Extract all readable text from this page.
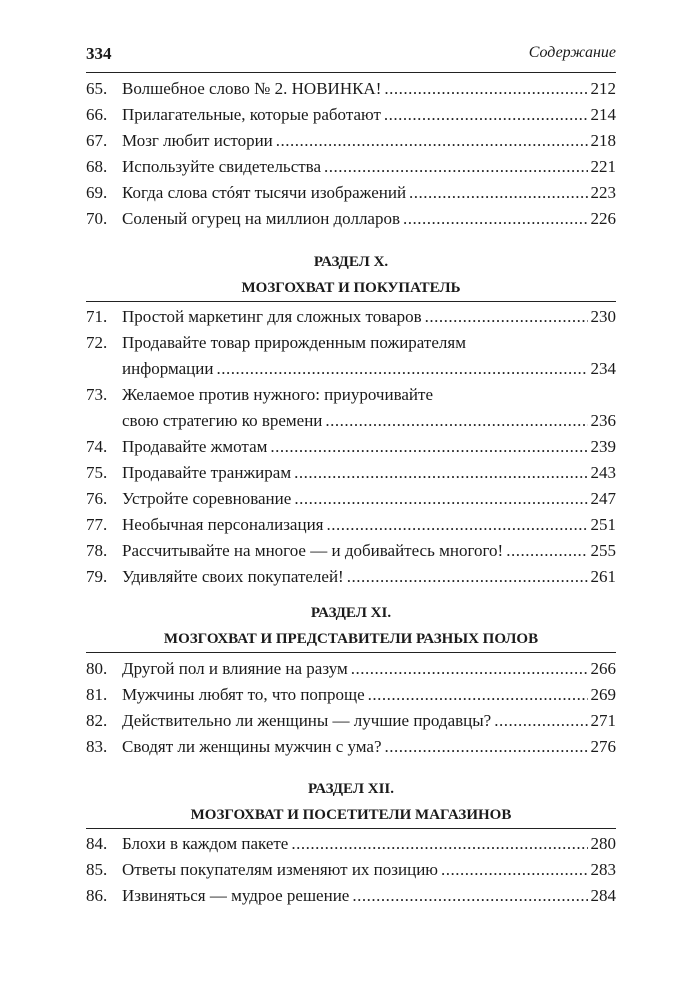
334	Содержание
65. Волшебное слово № 2. НОВИНКА! .....	212
66. Прилагательные, которые работают .....	214
67. Мозг любит истории .....	218
68. Используйте свидетельства .....	221
69. Когда слова стóят тысячи изображений .....	223
70. Соленый огурец на миллион долларов .....	226
РАЗДЕЛ X.
МОЗГОХВАТ И ПОКУПАТЕЛЬ
71. Простой маркетинг для сложных товаров .....	230
72. Продавайте товар прирожденным пожирателям
информации .....	234
73. Желаемое против нужного: приурочивайте
свою стратегию ко времени .....	236
74. Продавайте жмотам .....	239
75. Продавайте транжирам .....	243
76. Устройте соревнование .....	247
77. Необычная персонализация .....	251
78. Рассчитывайте на многое — и добивайтесь многого! .....	255
79. Удивляйте своих покупателей! .....	261
РАЗДЕЛ XI.
МОЗГОХВАТ И ПРЕДСТАВИТЕЛИ РАЗНЫХ ПОЛОВ
80. Другой пол и влияние на разум .....	266
81. Мужчины любят то, что попроще .....	269
82. Действительно ли женщины — лучшие продавцы? .....	271
83. Сводят ли женщины мужчин с ума? .....	276
РАЗДЕЛ XII.
МОЗГОХВАТ И ПОСЕТИТЕЛИ МАГАЗИНОВ
84. Блохи в каждом пакете .....	280
85. Ответы покупателям изменяют их позицию .....	283
86. Извиняться — мудрое решение .....	284
